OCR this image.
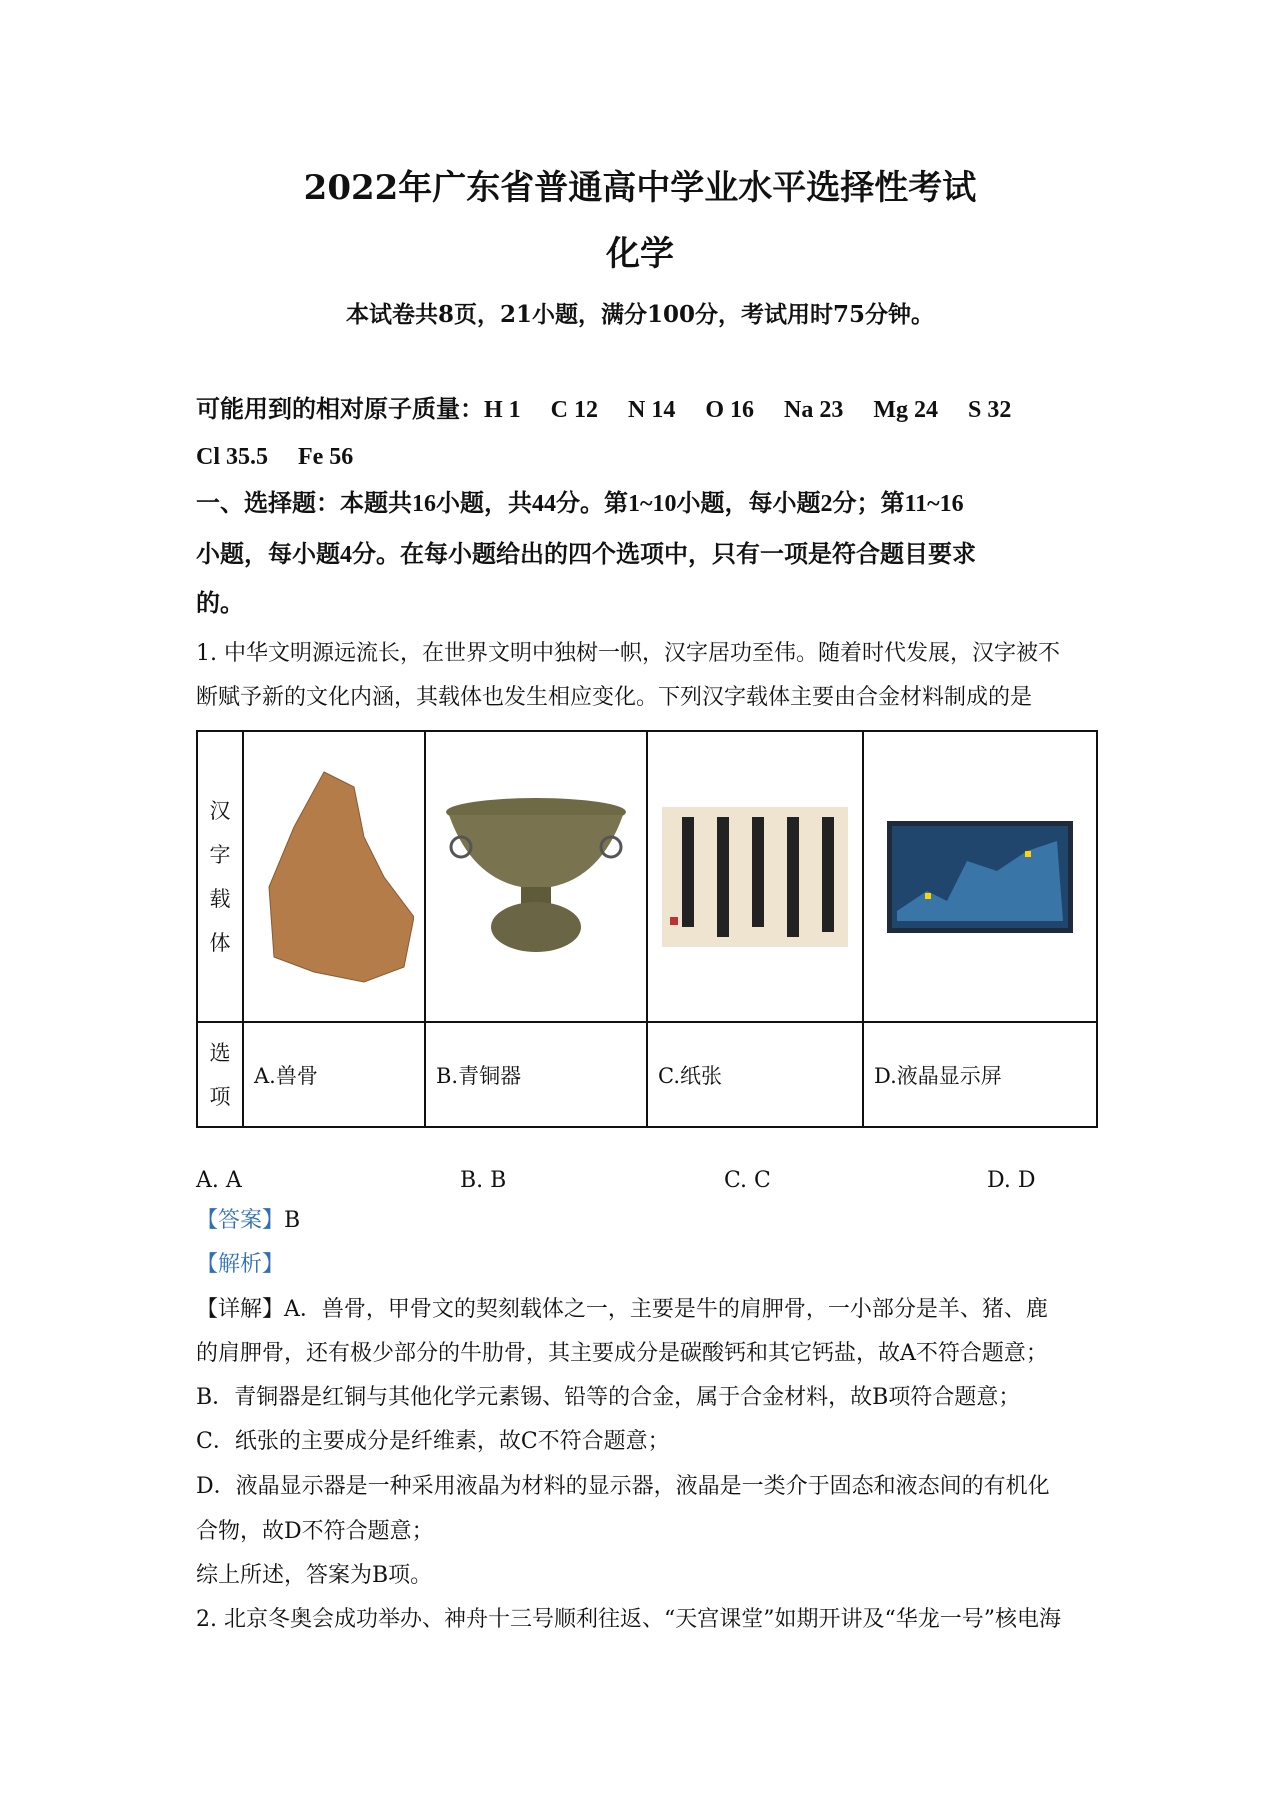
2022年广东省普通高中学业水平选择性考试
化学
本试卷共8页，21小题，满分100分，考试用时75分钟。
可能用到的相对原子质量：H 1　 C 12　 N 14　 O 16　 Na 23　 Mg 24　 S 32
Cl 35.5　 Fe 56
一、选择题：本题共16小题，共44分。第1~10小题，每小题2分；第11~16
小题，每小题4分。在每小题给出的四个选项中，只有一项是符合题目要求
的。
1. 中华文明源远流长，在世界文明中独树一帜，汉字居功至伟。随着时代发展，汉字被不
断赋予新的文化内涵，其载体也发生相应变化。下列汉字载体主要由合金材料制成的是
汉字载体	

选项	A.兽骨	B.青铜器	C.纸张	D.液晶显示屏
A. A	B. B	C. C	D. D
【答案】B
【解析】
【详解】A．兽骨，甲骨文的契刻载体之一，主要是牛的肩胛骨，一小部分是羊、猪、鹿
的肩胛骨，还有极少部分的牛肋骨，其主要成分是碳酸钙和其它钙盐，故A不符合题意；
B．青铜器是红铜与其他化学元素锡、铅等的合金，属于合金材料，故B项符合题意；
C．纸张的主要成分是纤维素，故C不符合题意；
D．液晶显示器是一种采用液晶为材料的显示器，液晶是一类介于固态和液态间的有机化
合物，故D不符合题意；
综上所述，答案为B项。
2. 北京冬奥会成功举办、神舟十三号顺利往返、“天宫课堂”如期开讲及“华龙一号”核电海
